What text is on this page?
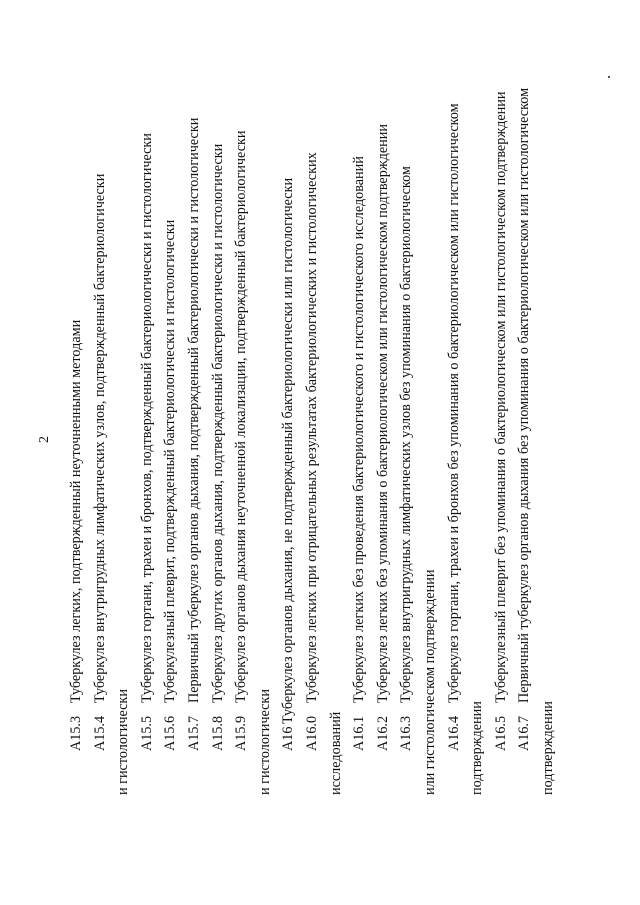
2
A15.3Туберкулез легких, подтвержденный неуточненными методами
A15.4Туберкулез внутригрудных лимфатических узлов, подтвержденный бактериологически
и гистологически A15.5Туберкулез гортани, трахеи и бронхов, подтвержденный бактериологически и гистологически
A15.6Туберкулезный плеврит, подтвержденный бактериологически и гистологически
A15.7Первичный туберкулез органов дыхания, подтвержденный бактериологически и гистологически
A15.8Туберкулез других органов дыхания, подтвержденный бактериологически и гистологически
A15.9Туберкулез органов дыхания неуточненной локализации, подтвержденный бактериологически
и гистологически A16Туберкулез органов дыхания, не подтвержденный бактериологически или гистологически
A16.0Туберкулез легких при отрицательных результатах бактериологических и гистологических
исследований A16.1Туберкулез легких без проведения бактериологического и гистологического исследований
A16.2Туберкулез легких без упоминания о бактериологическом или гистологическом подтверждении
A16.3Туберкулез внутригрудных лимфатических узлов без упоминания о бактериологическом или гистологическом подтверждении A16.4Туберкулез гортани, трахеи и бронхов без упоминания о бактериологическом или гистологическом
подтверждении A16.5Туберкулезный плеврит без упоминания о бактериологическом или гистологическом подтверждении
A16.7Первичный туберкулез органов дыхания без упоминания о бактериологическом или гистологическом
подтверждении
